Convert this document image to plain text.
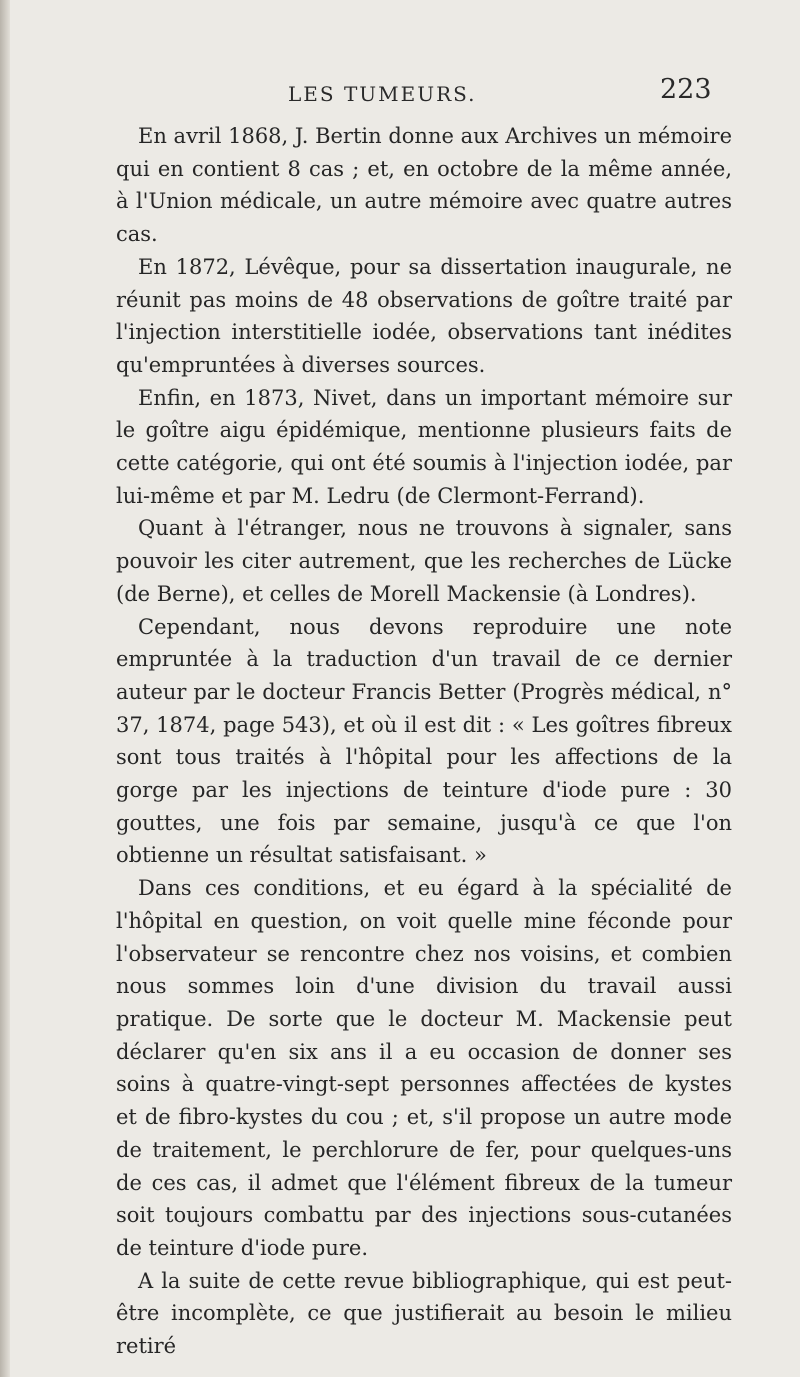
LES TUMEURS.	223

En avril 1868, J. Bertin donne aux Archives un mémoire qui en contient 8 cas ; et, en octobre de la même année, à l'Union médicale, un autre mémoire avec quatre autres cas.

En 1872, Lévêque, pour sa dissertation inaugurale, ne réunit pas moins de 48 observations de goître traité par l'injection interstitielle iodée, observations tant inédites qu'empruntées à diverses sources.

Enfin, en 1873, Nivet, dans un important mémoire sur le goître aigu épidémique, mentionne plusieurs faits de cette catégorie, qui ont été soumis à l'injection iodée, par lui-même et par M. Ledru (de Clermont-Ferrand).

Quant à l'étranger, nous ne trouvons à signaler, sans pouvoir les citer autrement, que les recherches de Lücke (de Berne), et celles de Morell Mackensie (à Londres).

Cependant, nous devons reproduire une note empruntée à la traduction d'un travail de ce dernier auteur par le docteur Francis Better (Progrès médical, n° 37, 1874, page 543), et où il est dit : « Les goîtres fibreux sont tous traités à l'hôpital pour les affections de la gorge par les injections de teinture d'iode pure : 30 gouttes, une fois par semaine, jusqu'à ce que l'on obtienne un résultat satisfaisant. »

Dans ces conditions, et eu égard à la spécialité de l'hôpital en question, on voit quelle mine féconde pour l'observateur se rencontre chez nos voisins, et combien nous sommes loin d'une division du travail aussi pratique. De sorte que le docteur M. Mackensie peut déclarer qu'en six ans il a eu occasion de donner ses soins à quatre-vingt-sept personnes affectées de kystes et de fibro-kystes du cou ; et, s'il propose un autre mode de traitement, le perchlorure de fer, pour quelques-uns de ces cas, il admet que l'élément fibreux de la tumeur soit toujours combattu par des injections sous-cutanées de teinture d'iode pure.

A la suite de cette revue bibliographique, qui est peut-être incomplète, ce que justifierait au besoin le milieu retiré
